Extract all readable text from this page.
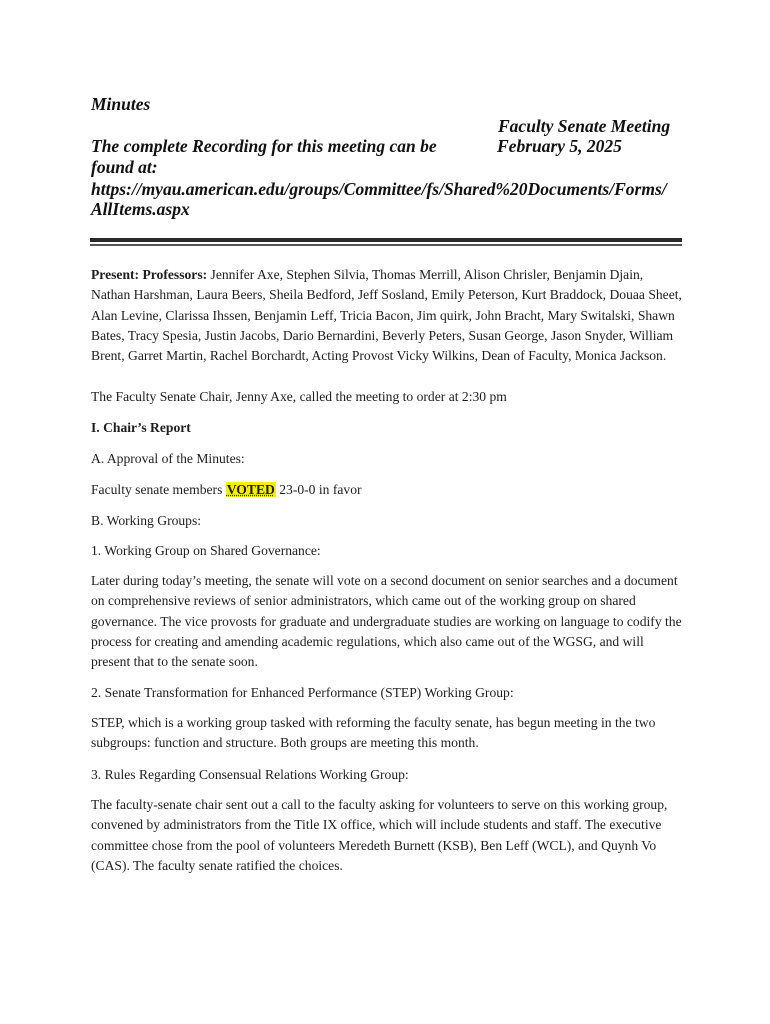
Minutes
Faculty Senate Meeting
The complete Recording for this meeting can be	February 5, 2025
found at:
https://myau.american.edu/groups/Committee/fs/Shared%20Documents/Forms/
AllItems.aspx
Present: Professors: Jennifer Axe, Stephen Silvia, Thomas Merrill, Alison Chrisler, Benjamin Djain, Nathan Harshman, Laura Beers, Sheila Bedford, Jeff Sosland, Emily Peterson, Kurt Braddock, Douaa Sheet, Alan Levine, Clarissa Ihssen, Benjamin Leff, Tricia Bacon, Jim quirk, John Bracht, Mary Switalski, Shawn Bates, Tracy Spesia, Justin Jacobs, Dario Bernardini, Beverly Peters, Susan George, Jason Snyder, William Brent, Garret Martin, Rachel Borchardt, Acting Provost Vicky Wilkins, Dean of Faculty, Monica Jackson.
The Faculty Senate Chair, Jenny Axe, called the meeting to order at 2:30 pm
I. Chair’s Report
A. Approval of the Minutes:
Faculty senate members VOTED 23-0-0 in favor
B. Working Groups:
1. Working Group on Shared Governance:
Later during today’s meeting, the senate will vote on a second document on senior searches and a document on comprehensive reviews of senior administrators, which came out of the working group on shared governance. The vice provosts for graduate and undergraduate studies are working on language to codify the process for creating and amending academic regulations, which also came out of the WGSG, and will present that to the senate soon.
2. Senate Transformation for Enhanced Performance (STEP) Working Group:
STEP, which is a working group tasked with reforming the faculty senate, has begun meeting in the two subgroups: function and structure. Both groups are meeting this month.
3. Rules Regarding Consensual Relations Working Group:
The faculty-senate chair sent out a call to the faculty asking for volunteers to serve on this working group, convened by administrators from the Title IX office, which will include students and staff. The executive committee chose from the pool of volunteers Meredeth Burnett (KSB), Ben Leff (WCL), and Quynh Vo (CAS). The faculty senate ratified the choices.
